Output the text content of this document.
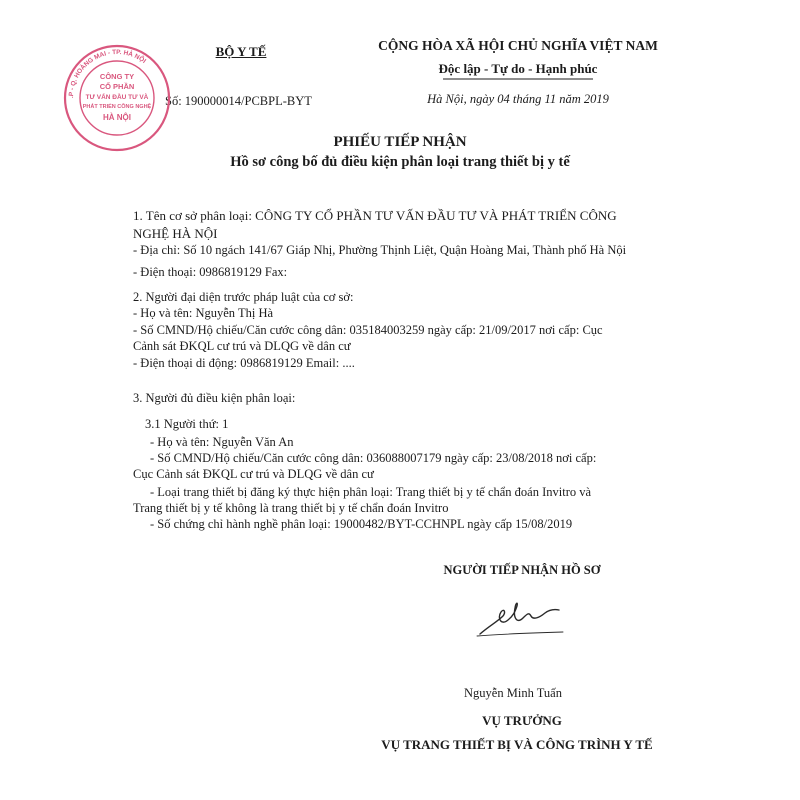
BỘ Y TẾ
Số: 190000014/PCBPL-BYT
CỘNG HÒA XÃ HỘI CHỦ NGHĨA VIỆT NAM
Độc lập - Tự do - Hạnh phúc
Hà Nội, ngày 04 tháng 11 năm 2019
M.S.D.N: 0106514365 - C.T.C.P - Q. HOÀNG MAI - TP. HÀ NỘI
CÔNG TY
CỔ PHẦN
TƯ VẤN ĐẦU TƯ VÀ
PHÁT TRIỂN CÔNG NGHỆ
HÀ NỘI
PHIẾU TIẾP NHẬN
Hồ sơ công bố đủ điều kiện phân loại trang thiết bị y tế
1. Tên cơ sở phân loại: CÔNG TY CỔ PHẦN TƯ VẤN ĐẦU TƯ VÀ PHÁT TRIỂN CÔNG
NGHỆ HÀ NỘI
- Địa chỉ: Số 10 ngách 141/67 Giáp Nhị, Phường Thịnh Liệt, Quận Hoàng Mai, Thành phố Hà Nội
- Điện thoại: 0986819129 Fax:
2. Người đại diện trước pháp luật của cơ sở:
- Họ và tên: Nguyễn Thị Hà
- Số CMND/Hộ chiếu/Căn cước công dân: 035184003259 ngày cấp: 21/09/2017 nơi cấp: Cục
Cảnh sát ĐKQL cư trú và DLQG về dân cư
- Điện thoại di động: 0986819129 Email: ....
3. Người đủ điều kiện phân loại:
3.1 Người thứ: 1
- Họ và tên: Nguyễn Văn An
- Số CMND/Hộ chiếu/Căn cước công dân: 036088007179 ngày cấp: 23/08/2018 nơi cấp:
Cục Cảnh sát ĐKQL cư trú và DLQG về dân cư
- Loại trang thiết bị đăng ký thực hiện phân loại: Trang thiết bị y tế chẩn đoán Invitro và
Trang thiết bị y tế không là trang thiết bị y tế chẩn đoán Invitro
- Số chứng chỉ hành nghề phân loại: 19000482/BYT-CCHNPL ngày cấp 15/08/2019
NGƯỜI TIẾP NHẬN HỒ SƠ
Nguyễn Minh Tuấn
VỤ TRƯỞNG
VỤ TRANG THIẾT BỊ VÀ CÔNG TRÌNH Y TẾ
